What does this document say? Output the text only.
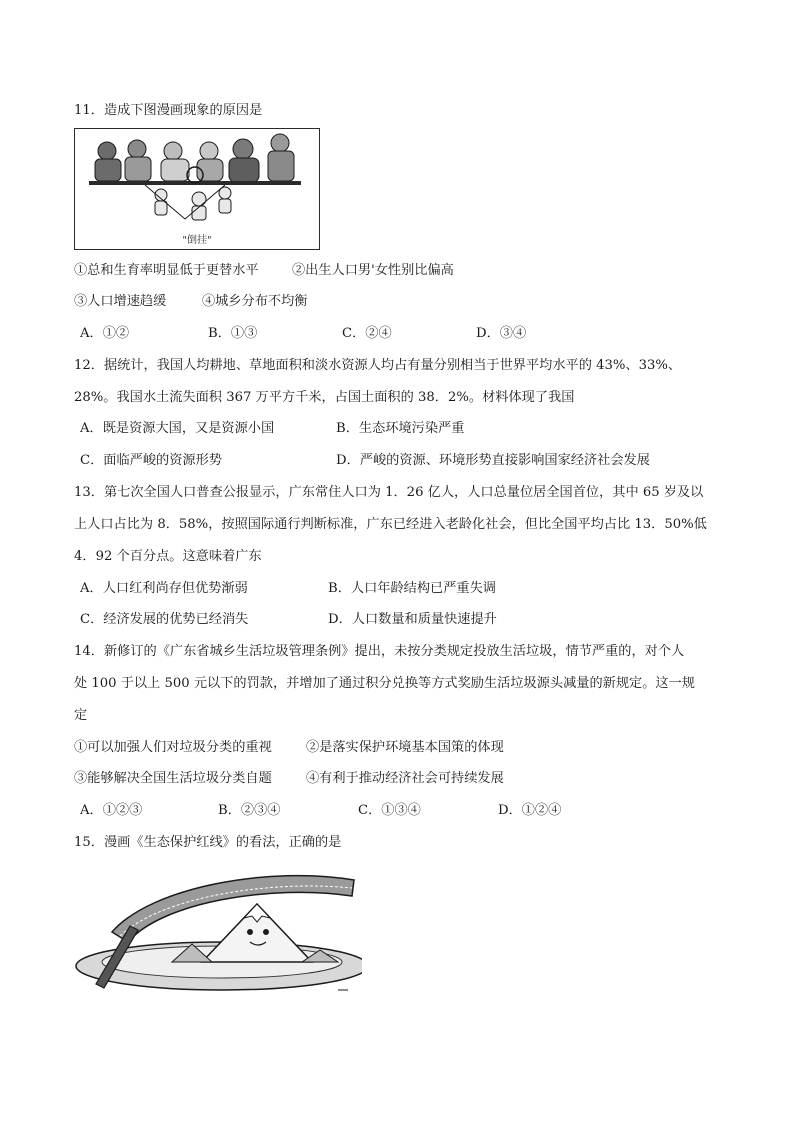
11．造成下图漫画现象的原因是
"倒挂"
①总和生育率明显低于更替水平	②出生人口男'女性别比偏高
③人口增速趋缓	④城乡分布不均衡
A．①②	B．①③	C．②④	D．③④
12．据统计，我国人均耕地、草地面积和淡水资源人均占有量分别相当于世界平均水平的 43%、33%、
28%。我国水土流失面积 367 万平方千米，占国土面积的 38．2%。材料体现了我国
A．既是资源大国，又是资源小国	B．生态环境污染严重
C．面临严峻的资源形势	D．严峻的资源、环境形势直接影响国家经济社会发展
13．第七次全国人口普查公报显示，广东常住人口为 1．26 亿人，人口总量位居全国首位，其中 65 岁及以
上人口占比为 8．58%，按照国际通行判断标准，广东已经进入老龄化社会，但比全国平均占比 13．50%低
4．92 个百分点。这意味着广东
A．人口红利尚存但优势渐弱	B．人口年龄结构已严重失调
C．经济发展的优势已经消失	D．人口数量和质量快速提升
14．新修订的《广东省城乡生活垃圾管理条例》提出，未按分类规定投放生活垃圾，情节严重的，对个人
处 100 于以上 500 元以下的罚款，并增加了通过积分兑换等方式奖励生活垃圾源头减量的新规定。这一规
定
①可以加强人们对垃圾分类的重视	②是落实保护环境基本国策的体现
③能够解决全国生活垃圾分类自题	④有利于推动经济社会可持续发展
A．①②③	B．②③④	C．①③④	D．①②④
15．漫画《生态保护红线》的看法，正确的是
